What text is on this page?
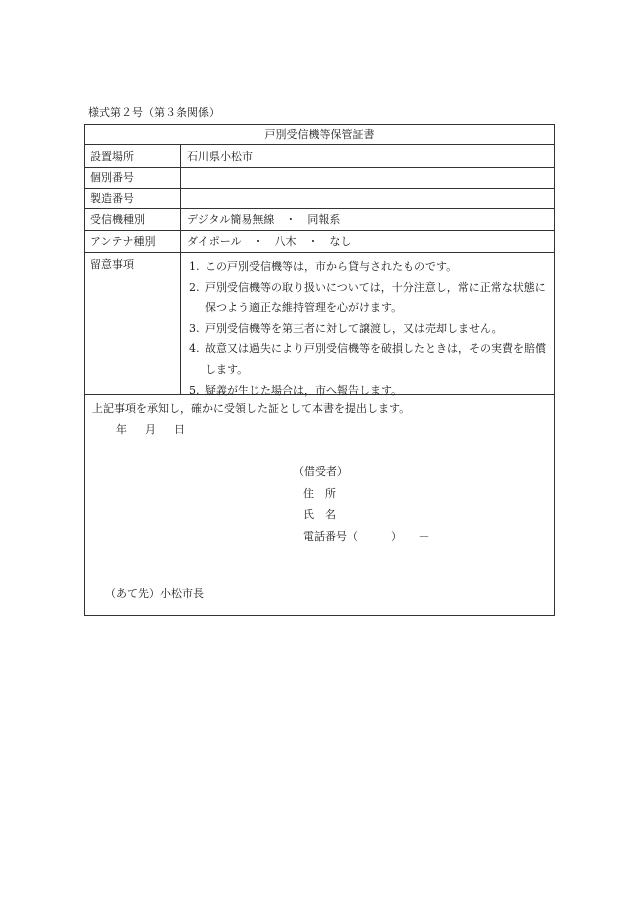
様式第２号（第３条関係）
戸別受信機等保管証書
設置場所	石川県小松市
個別番号
製造番号
受信機種別	デジタル簡易無線　・　同報系
アンテナ種別	ダイポール　・　八木　・　なし
留意事項	1. この戸別受信機等は，市から貸与されたものです。
2. 戸別受信機等の取り扱いについては，十分注意し，常に正常な状態に保つよう適正な維持管理を心がけます。
3. 戸別受信機等を第三者に対して譲渡し，又は売却しません。
4. 故意又は過失により戸別受信機等を破損したときは，その実費を賠償します。
5. 疑義が生じた場合は，市へ報告します。
上記事項を承知し，確かに受領した証として本書を提出します。
年 月 日
（借受者）
住　所
氏　名
電話番号（　　　）　　－
（あて先）小松市長
